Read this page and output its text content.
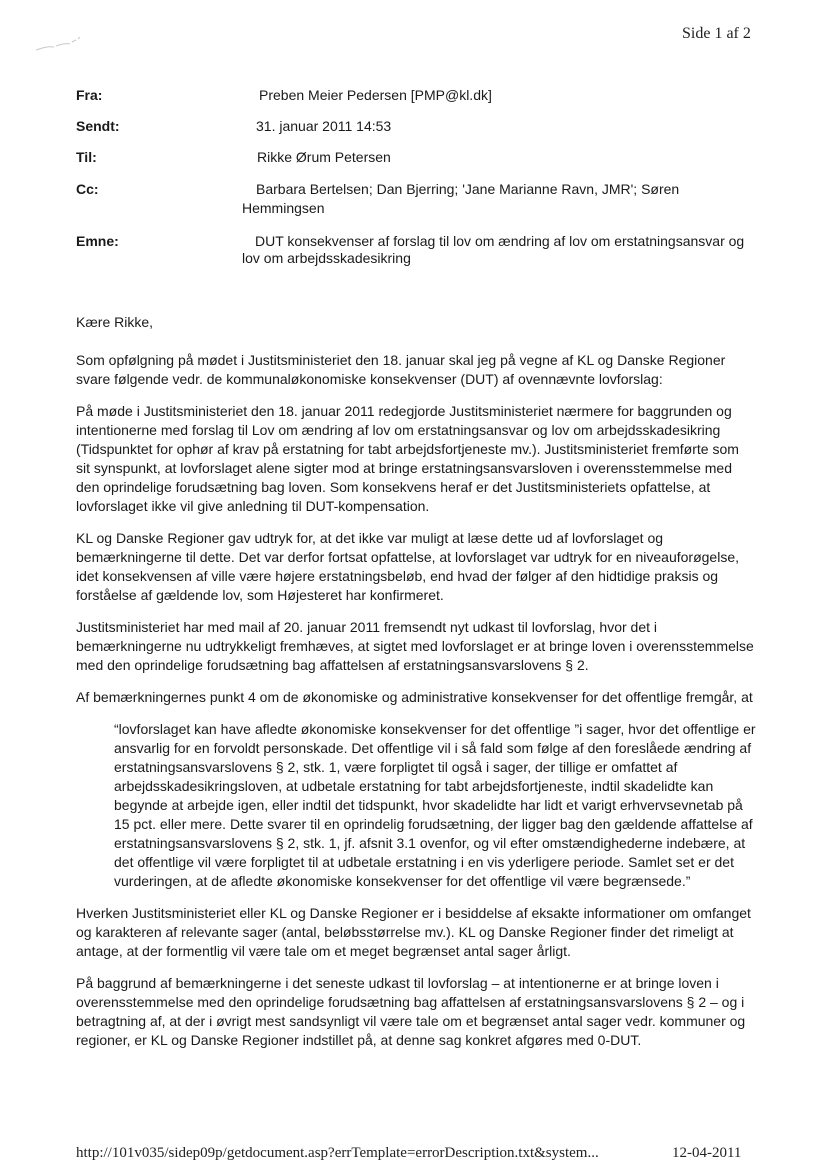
Side 1 af 2
Fra:	Preben Meier Pedersen [PMP@kl.dk]
Sendt:	31. januar 2011 14:53
Til:	Rikke Ørum Petersen
Cc:	Barbara Bertelsen; Dan Bjerring; 'Jane Marianne Ravn, JMR'; Søren
Hemmingsen
Emne:	DUT konsekvenser af forslag til lov om ændring af lov om erstatningsansvar og
lov om arbejdsskadesikring

Kære Rikke,

Som opfølgning på mødet i Justitsministeriet den 18. januar skal jeg på vegne af KL og Danske Regioner svare følgende vedr. de kommunaløkonomiske konsekvenser (DUT) af ovennævnte lovforslag:

På møde i Justitsministeriet den 18. januar 2011 redegjorde Justitsministeriet nærmere for baggrunden og intentionerne med forslag til Lov om ændring af lov om erstatningsansvar og lov om arbejdsskadesikring (Tidspunktet for ophør af krav på erstatning for tabt arbejdsfortjeneste mv.). Justitsministeriet fremførte som sit synspunkt, at lovforslaget alene sigter mod at bringe erstatningsansvarsloven i overensstemmelse med den oprindelige forudsætning bag loven. Som konsekvens heraf er det Justitsministeriets opfattelse, at lovforslaget ikke vil give anledning til DUT-kompensation.

KL og Danske Regioner gav udtryk for, at det ikke var muligt at læse dette ud af lovforslaget og bemærkningerne til dette. Det var derfor fortsat opfattelse, at lovforslaget var udtryk for en niveauforøgelse, idet konsekvensen af ville være højere erstatningsbeløb, end hvad der følger af den hidtidige praksis og forståelse af gældende lov, som Højesteret har konfirmeret.

Justitsministeriet har med mail af 20. januar 2011 fremsendt nyt udkast til lovforslag, hvor det i bemærkningerne nu udtrykkeligt fremhæves, at sigtet med lovforslaget er at bringe loven i overensstemmelse med den oprindelige forudsætning bag affattelsen af erstatningsansvarslovens § 2.

Af bemærkningernes punkt 4 om de økonomiske og administrative konsekvenser for det offentlige fremgår, at

“lovforslaget kan have afledte økonomiske konsekvenser for det offentlige ”i sager, hvor det offentlige er ansvarlig for en forvoldt personskade. Det offentlige vil i så fald som følge af den foreslåede ændring af erstatningsansvarslovens § 2, stk. 1, være forpligtet til også i sager, der tillige er omfattet af arbejdsskadesikringsloven, at udbetale erstatning for tabt arbejdsfortjeneste, indtil skadelidte kan begynde at arbejde igen, eller indtil det tidspunkt, hvor skadelidte har lidt et varigt erhvervsevnetab på 15 pct. eller mere. Dette svarer til en oprindelig forudsætning, der ligger bag den gældende affattelse af erstatningsansvarslovens § 2, stk. 1, jf. afsnit 3.1 ovenfor, og vil efter omstændighederne indebære, at det offentlige vil være forpligtet til at udbetale erstatning i en vis yderligere periode. Samlet set er det vurderingen, at de afledte økonomiske konsekvenser for det offentlige vil være begrænsede.”

Hverken Justitsministeriet eller KL og Danske Regioner er i besiddelse af eksakte informationer om omfanget og karakteren af relevante sager (antal, beløbsstørrelse mv.). KL og Danske Regioner finder det rimeligt at antage, at der formentlig vil være tale om et meget begrænset antal sager årligt.

På baggrund af bemærkningerne i det seneste udkast til lovforslag – at intentionerne er at bringe loven i overensstemmelse med den oprindelige forudsætning bag affattelsen af erstatningsansvarslovens § 2 – og i betragtning af, at der i øvrigt mest sandsynligt vil være tale om et begrænset antal sager vedr. kommuner og regioner, er KL og Danske Regioner indstillet på, at denne sag konkret afgøres med 0-DUT.

http://101v035/sidep09p/getdocument.asp?errTemplate=errorDescription.txt&system...	12-04-2011
